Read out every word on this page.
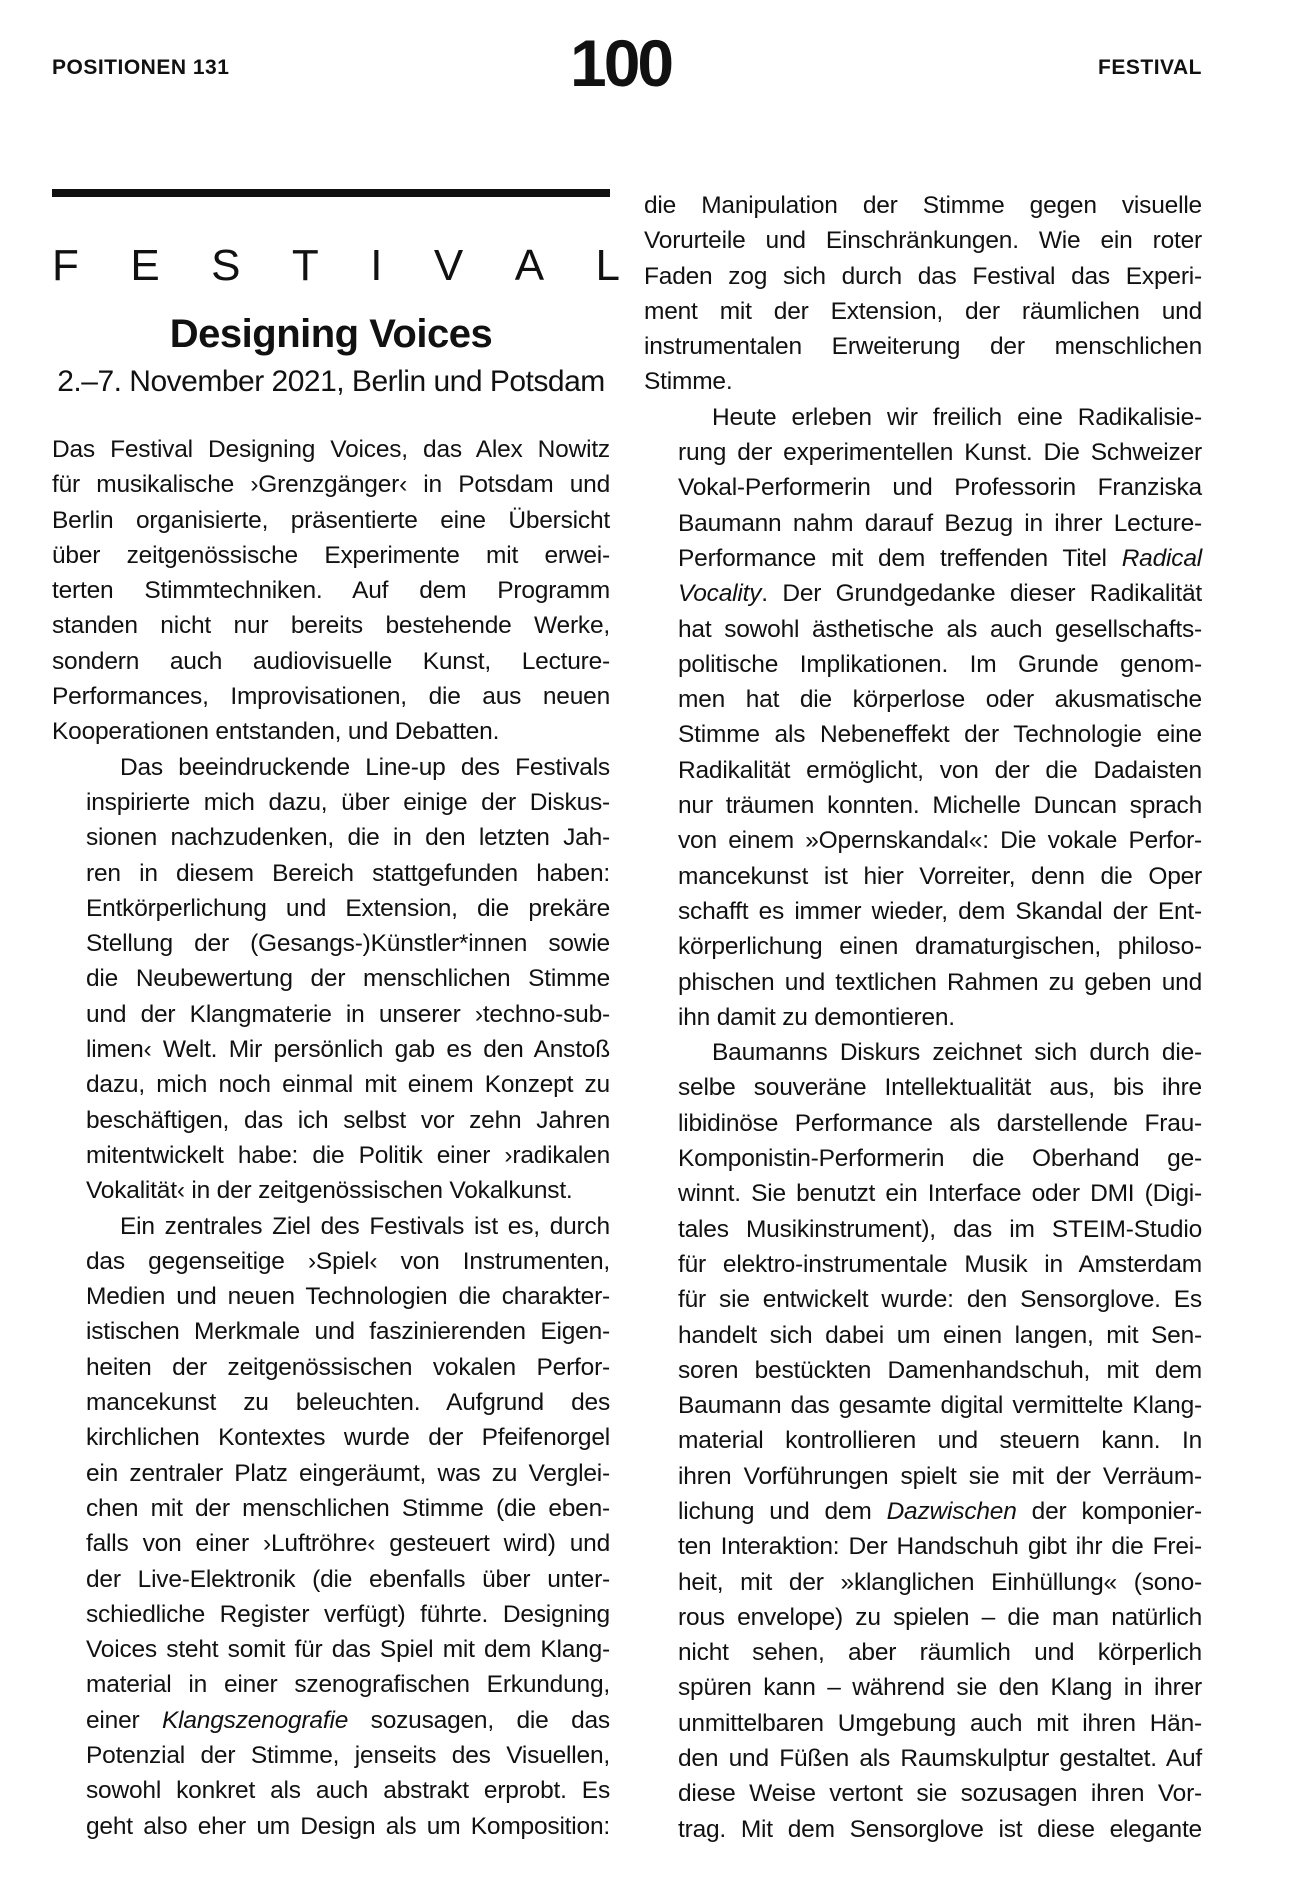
POSITIONEN 131	100	FESTIVAL
F E S T I V A L
Designing Voices
2.–7. November 2021, Berlin und Potsdam

Das Festival Designing Voices, das Alex Nowitz
für musikalische ›Grenzgänger‹ in Potsdam und
Berlin organisierte, präsentierte eine Übersicht
über zeitgenössische Experimente mit erwei-
terten Stimmtechniken. Auf dem Programm
standen nicht nur bereits bestehende Werke,
sondern auch audiovisuelle Kunst, Lecture-
Performances, Improvisationen, die aus neuen
Kooperationen entstanden, und Debatten.

Das beeindruckende Line-up des Festivals
inspirierte mich dazu, über einige der Diskus-
sionen nachzudenken, die in den letzten Jah-
ren in diesem Bereich stattgefunden haben:
Entkörperlichung und Extension, die prekäre
Stellung der (Gesangs-)Künstler*innen sowie
die Neubewertung der menschlichen Stimme
und der Klangmaterie in unserer ›techno-sub-
limen‹ Welt. Mir persönlich gab es den Anstoß
dazu, mich noch einmal mit einem Konzept zu
beschäftigen, das ich selbst vor zehn Jahren
mitentwickelt habe: die Politik einer ›radikalen
Vokalität‹ in der zeitgenössischen Vokalkunst.

Ein zentrales Ziel des Festivals ist es, durch
das gegenseitige ›Spiel‹ von Instrumenten,
Medien und neuen Technologien die charakter-
istischen Merkmale und faszinierenden Eigen-
heiten der zeitgenössischen vokalen Perfor-
mancekunst zu beleuchten. Aufgrund des
kirchlichen Kontextes wurde der Pfeifenorgel
ein zentraler Platz eingeräumt, was zu Verglei-
chen mit der menschlichen Stimme (die eben-
falls von einer ›Luftröhre‹ gesteuert wird) und
der Live-Elektronik (die ebenfalls über unter-
schiedliche Register verfügt) führte. Designing
Voices steht somit für das Spiel mit dem Klang-
material in einer szenografischen Erkundung,
einer Klangszenografie sozusagen, die das
Potenzial der Stimme, jenseits des Visuellen,
sowohl konkret als auch abstrakt erprobt. Es
geht also eher um Design als um Komposition:

die Manipulation der Stimme gegen visuelle
Vorurteile und Einschränkungen. Wie ein roter
Faden zog sich durch das Festival das Experi-
ment mit der Extension, der räumlichen und
instrumentalen Erweiterung der menschlichen
Stimme.

Heute erleben wir freilich eine Radikalisie-
rung der experimentellen Kunst. Die Schweizer
Vokal-Performerin und Professorin Franziska
Baumann nahm darauf Bezug in ihrer Lecture-
Performance mit dem treffenden Titel Radical
Vocality. Der Grundgedanke dieser Radikalität
hat sowohl ästhetische als auch gesellschafts-
politische Implikationen. Im Grunde genom-
men hat die körperlose oder akusmatische
Stimme als Nebeneffekt der Technologie eine
Radikalität ermöglicht, von der die Dadaisten
nur träumen konnten. Michelle Duncan sprach
von einem »Opernskandal«: Die vokale Perfor-
mancekunst ist hier Vorreiter, denn die Oper
schafft es immer wieder, dem Skandal der Ent-
körperlichung einen dramaturgischen, philoso-
phischen und textlichen Rahmen zu geben und
ihn damit zu demontieren.

Baumanns Diskurs zeichnet sich durch die-
selbe souveräne Intellektualität aus, bis ihre
libidinöse Performance als darstellende Frau-
Komponistin-Performerin die Oberhand ge-
winnt. Sie benutzt ein Interface oder DMI (Digi-
tales Musikinstrument), das im STEIM-Studio
für elektro-instrumentale Musik in Amsterdam
für sie entwickelt wurde: den Sensorglove. Es
handelt sich dabei um einen langen, mit Sen-
soren bestückten Damenhandschuh, mit dem
Baumann das gesamte digital vermittelte Klang-
material kontrollieren und steuern kann. In
ihren Vorführungen spielt sie mit der Verräum-
lichung und dem Dazwischen der komponier-
ten Interaktion: Der Handschuh gibt ihr die Frei-
heit, mit der »klanglichen Einhüllung« (sono-
rous envelope) zu spielen – die man natürlich
nicht sehen, aber räumlich und körperlich
spüren kann – während sie den Klang in ihrer
unmittelbaren Umgebung auch mit ihren Hän-
den und Füßen als Raumskulptur gestaltet. Auf
diese Weise vertont sie sozusagen ihren Vor-
trag. Mit dem Sensorglove ist diese elegante
